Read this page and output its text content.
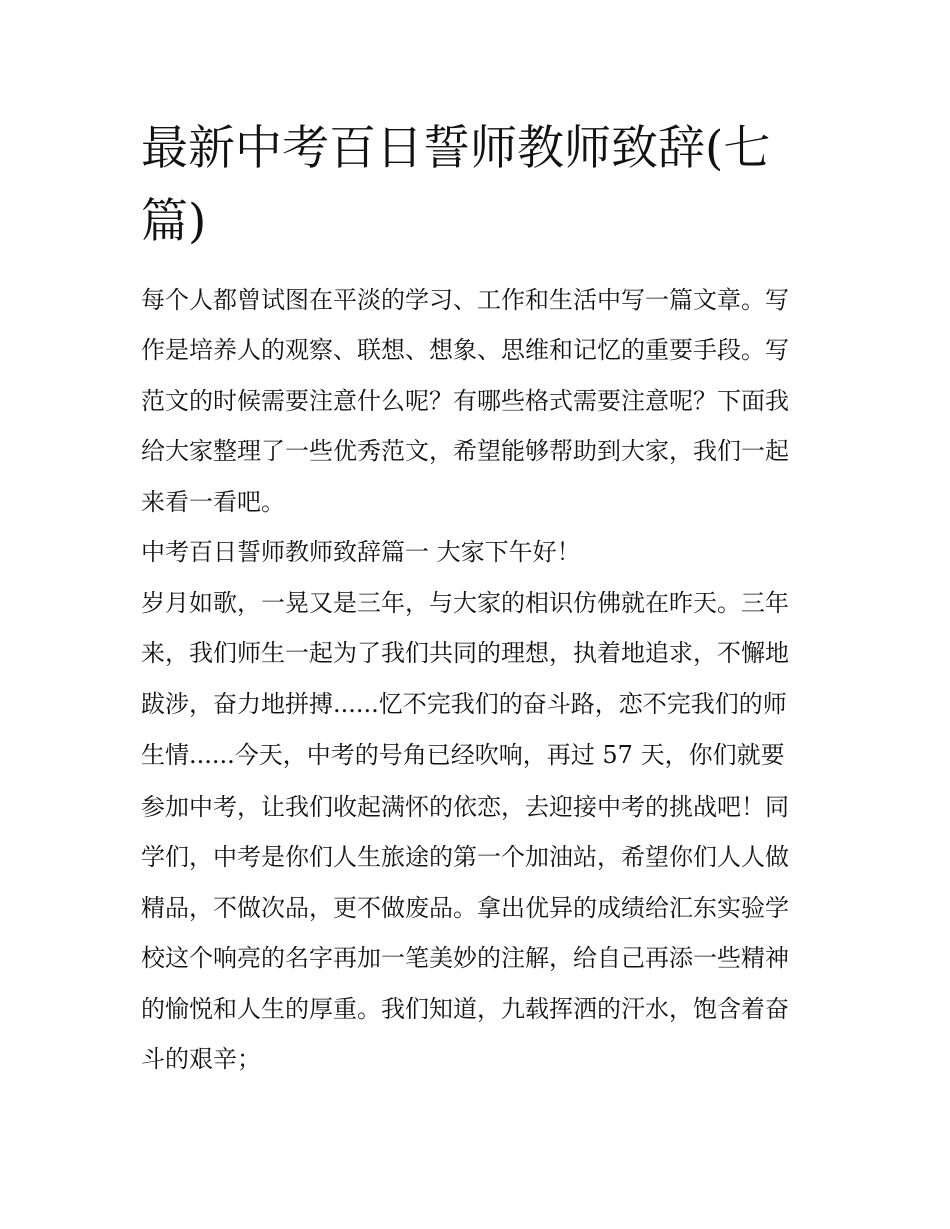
最新中考百日誓师教师致辞(七
篇)
每个人都曾试图在平淡的学习、工作和生活中写一篇文章。写
作是培养人的观察、联想、想象、思维和记忆的重要手段。写
范文的时候需要注意什么呢？有哪些格式需要注意呢？下面我
给大家整理了一些优秀范文，希望能够帮助到大家，我们一起
来看一看吧。
中考百日誓师教师致辞篇一 大家下午好！
岁月如歌，一晃又是三年，与大家的相识仿佛就在昨天。三年
来，我们师生一起为了我们共同的理想，执着地追求，不懈地
跋涉，奋力地拼搏......忆不完我们的奋斗路，恋不完我们的师
生情......今天，中考的号角已经吹响，再过 57 天，你们就要
参加中考，让我们收起满怀的依恋，去迎接中考的挑战吧！同
学们，中考是你们人生旅途的第一个加油站，希望你们人人做
精品，不做次品，更不做废品。拿出优异的成绩给汇东实验学
校这个响亮的名字再加一笔美妙的注解，给自己再添一些精神
的愉悦和人生的厚重。我们知道，九载挥洒的汗水，饱含着奋
斗的艰辛；
